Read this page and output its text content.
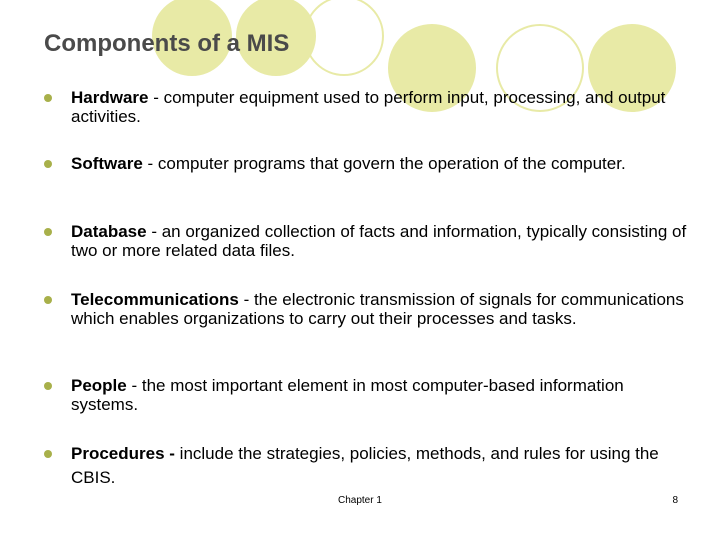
Components of a MIS
Hardware - computer equipment used to perform input, processing, and output activities.
Software - computer programs that govern the operation of the computer.
Database - an organized collection of facts and information, typically consisting of two or more related data files.
Telecommunications - the electronic transmission of signals for communications which enables organizations to carry out their processes and tasks.
People - the most important element in most computer-based information systems.
Procedures - include the strategies, policies, methods, and rules for using the CBIS.
Chapter 1	8
